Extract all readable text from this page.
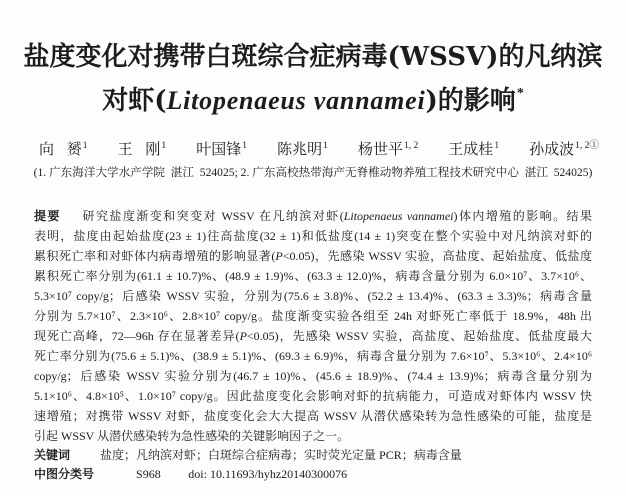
盐度变化对携带白斑综合症病毒(WSSV)的凡纳滨
对虾(Litopenaeus vannamei)的影响*
向 赟$^1$ 王 刚$^1$ 叶国锋$^1$ 陈兆明$^1$ 杨世平$^{1, 2}$ 王成桂$^1$ 孙成波$^{1, 2①}$
(1. 广东海洋大学水产学院  湛江  524025; 2. 广东高校热带海产无脊椎动物养殖工程技术研究中心  湛江  524025)
提要 研究盐度渐变和突变对 WSSV 在凡纳滨对虾(Litopenaeus vannamei)体内增殖的影响。结果
表明，盐度由起始盐度(23 ± 1)往高盐度(32 ± 1)和低盐度(14 ± 1)突变在整个实验中对凡纳滨对虾的
累积死亡率和对虾体内病毒增殖的影响显著(P<0.05)，先感染 WSSV 实验，高盐度、起始盐度、低盐度
累积死亡率分别为(61.1 ± 10.7)%、(48.9 ± 1.9)%、(63.3 ± 12.0)%，病毒含量分别为 6.0×10⁷、3.7×10⁶、
5.3×10⁷ copy/g；后感染 WSSV 实验，分别为(75.6 ± 3.8)%、(52.2 ± 13.4)%、(63.3 ± 3.3)%；病毒含量
分别为 5.7×10⁷、2.3×10⁶、2.8×10⁷ copy/g。盐度渐变实验各组至 24h 对虾死亡率低于 18.9%，48h 出
现死亡高峰，72—96h 存在显著差异(P<0.05)，先感染 WSSV 实验，高盐度、起始盐度、低盐度最大
死亡率分别为(75.6 ± 5.1)%、(38.9 ± 5.1)%、(69.3 ± 6.9)%，病毒含量分别为 7.6×10⁷、5.3×10⁶、2.4×10⁶
copy/g；后感染 WSSV 实验分别为(46.7 ± 10)%、(45.6 ± 18.9)%、(74.4 ± 13.9)%；病毒含量分别为
5.1×10⁶、4.8×10⁵、1.0×10⁷ copy/g。因此盐度变化会影响对虾的抗病能力，可造成对虾体内 WSSV 快
速增殖；对携带 WSSV 对虾，盐度变化会大大提高 WSSV 从潜伏感染转为急性感染的可能，盐度是
引起 WSSV 从潜伏感染转为急性感染的关键影响因子之一。
关键词	盐度；凡纳滨对虾；白斑综合症病毒；实时荧光定量 PCR；病毒含量
中图分类号	S968 doi: 10.11693/hyhz20140300076
